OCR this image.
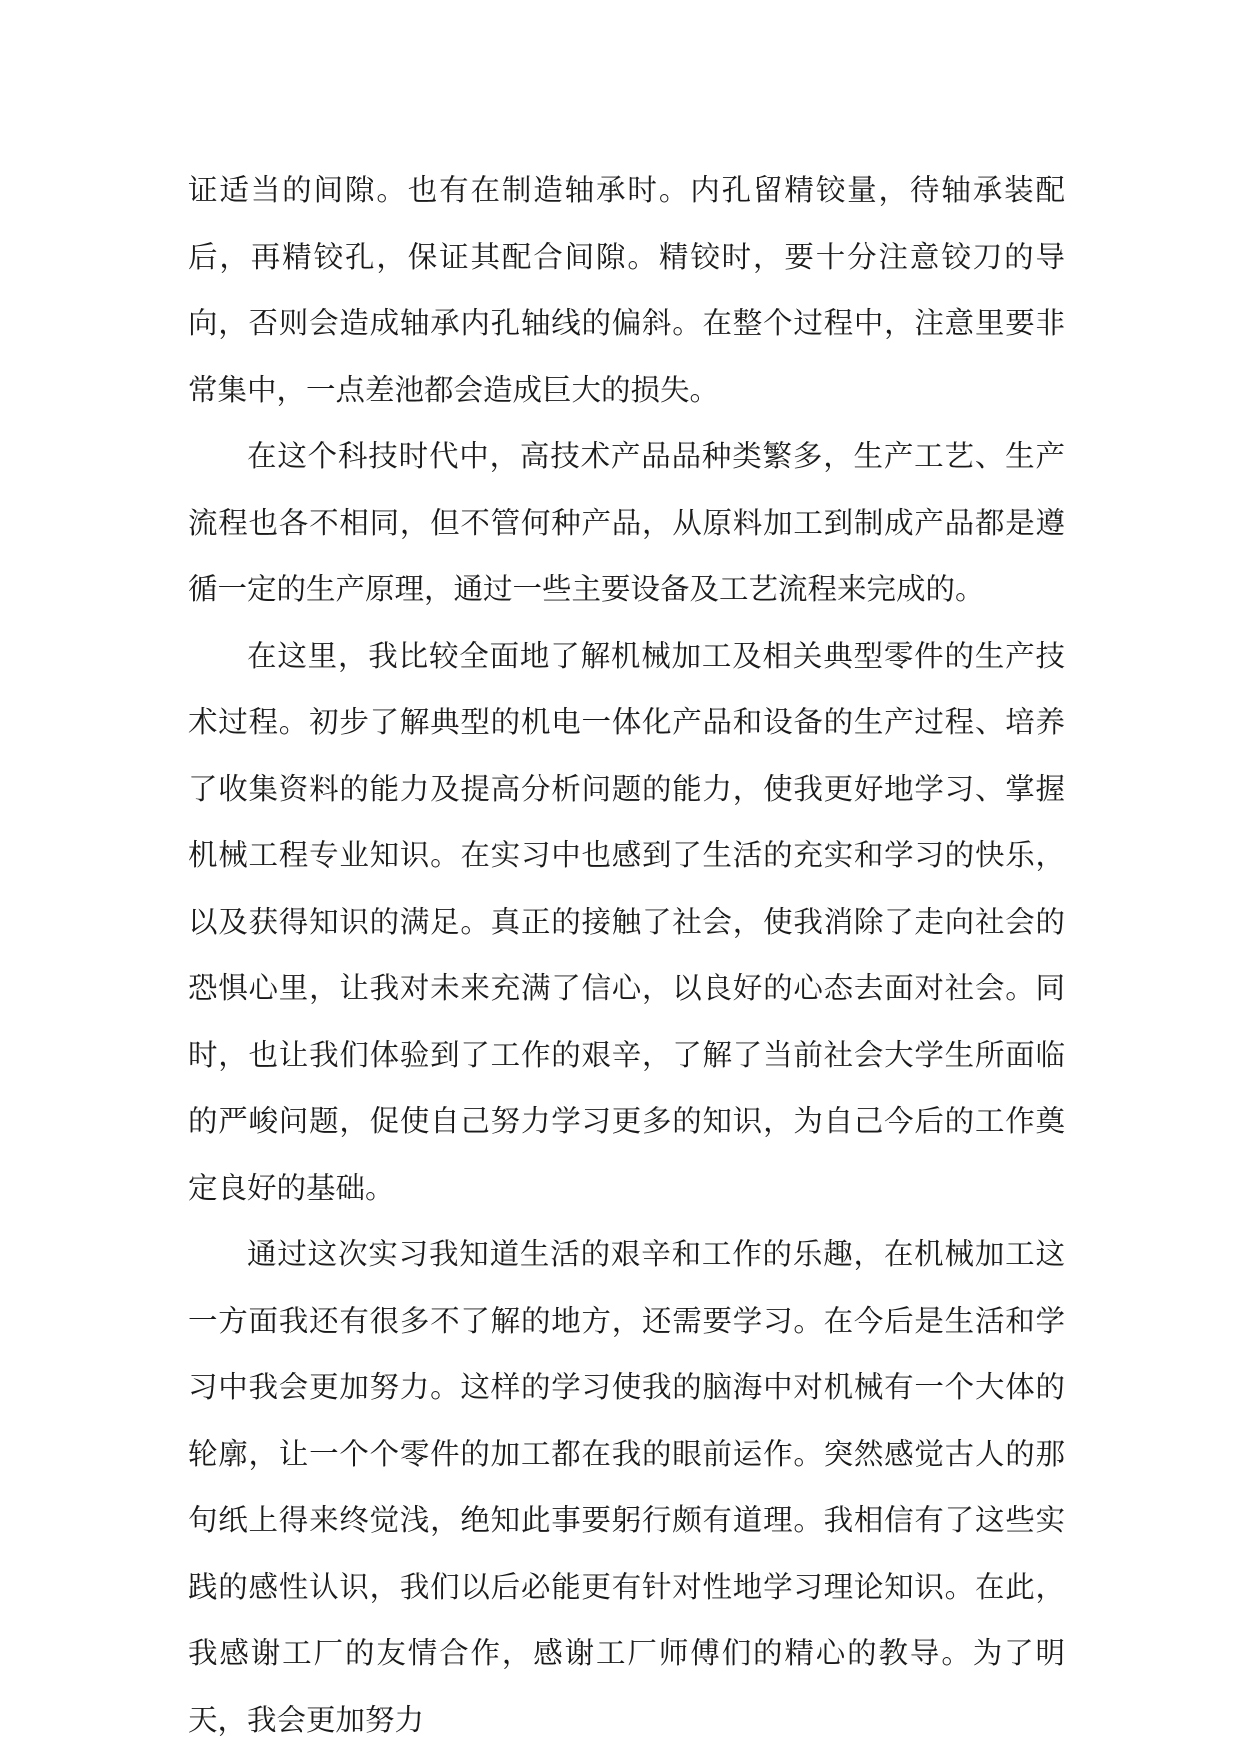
证适当的间隙。也有在制造轴承时。内孔留精铰量，待轴承装配后，再精铰孔，保证其配合间隙。精铰时，要十分注意铰刀的导向，否则会造成轴承内孔轴线的偏斜。在整个过程中，注意里要非常集中，一点差池都会造成巨大的损失。

在这个科技时代中，高技术产品品种类繁多，生产工艺、生产流程也各不相同，但不管何种产品，从原料加工到制成产品都是遵循一定的生产原理，通过一些主要设备及工艺流程来完成的。

在这里，我比较全面地了解机械加工及相关典型零件的生产技术过程。初步了解典型的机电一体化产品和设备的生产过程、培养了收集资料的能力及提高分析问题的能力，使我更好地学习、掌握机械工程专业知识。在实习中也感到了生活的充实和学习的快乐，以及获得知识的满足。真正的接触了社会，使我消除了走向社会的恐惧心里，让我对未来充满了信心，以良好的心态去面对社会。同时，也让我们体验到了工作的艰辛，了解了当前社会大学生所面临的严峻问题，促使自己努力学习更多的知识，为自己今后的工作奠定良好的基础。

通过这次实习我知道生活的艰辛和工作的乐趣，在机械加工这一方面我还有很多不了解的地方，还需要学习。在今后是生活和学习中我会更加努力。这样的学习使我的脑海中对机械有一个大体的轮廓，让一个个零件的加工都在我的眼前运作。突然感觉古人的那句纸上得来终觉浅，绝知此事要躬行颇有道理。我相信有了这些实践的感性认识，我们以后必能更有针对性地学习理论知识。在此，我感谢工厂的友情合作，感谢工厂师傅们的精心的教导。为了明天，我会更加努力
